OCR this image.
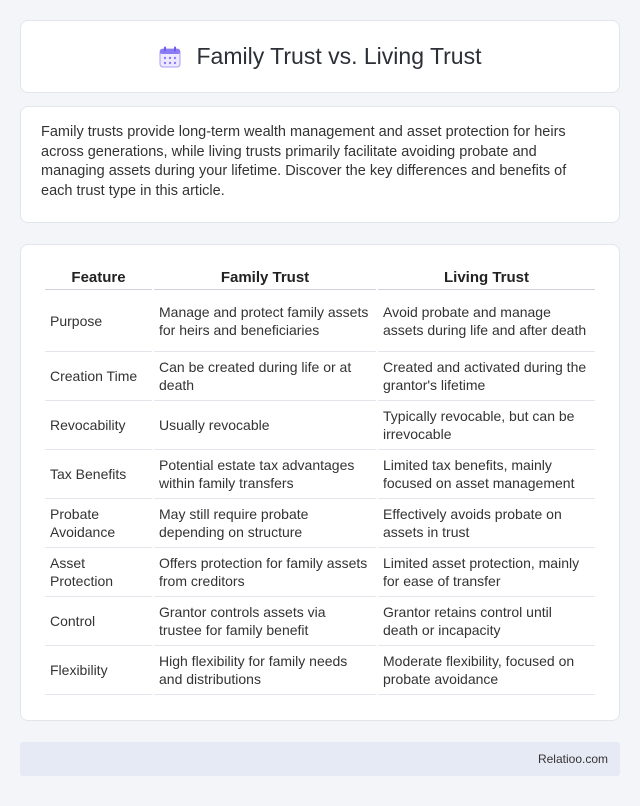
Family Trust vs. Living Trust

Family trusts provide long-term wealth management and asset protection for heirs across generations, while living trusts primarily facilitate avoiding probate and managing assets during your lifetime. Discover the key differences and benefits of each trust type in this article.

Feature	Family Trust	Living Trust
Purpose	Manage and protect family assets for heirs and beneficiaries	Avoid probate and manage assets during life and after death
Creation Time	Can be created during life or at death	Created and activated during the grantor's lifetime
Revocability	Usually revocable	Typically revocable, but can be irrevocable
Tax Benefits	Potential estate tax advantages within family transfers	Limited tax benefits, mainly focused on asset management
Probate Avoidance	May still require probate depending on structure	Effectively avoids probate on assets in trust
Asset Protection	Offers protection for family assets from creditors	Limited asset protection, mainly for ease of transfer
Control	Grantor controls assets via trustee for family benefit	Grantor retains control until death or incapacity
Flexibility	High flexibility for family needs and distributions	Moderate flexibility, focused on probate avoidance
Relatioo.com
